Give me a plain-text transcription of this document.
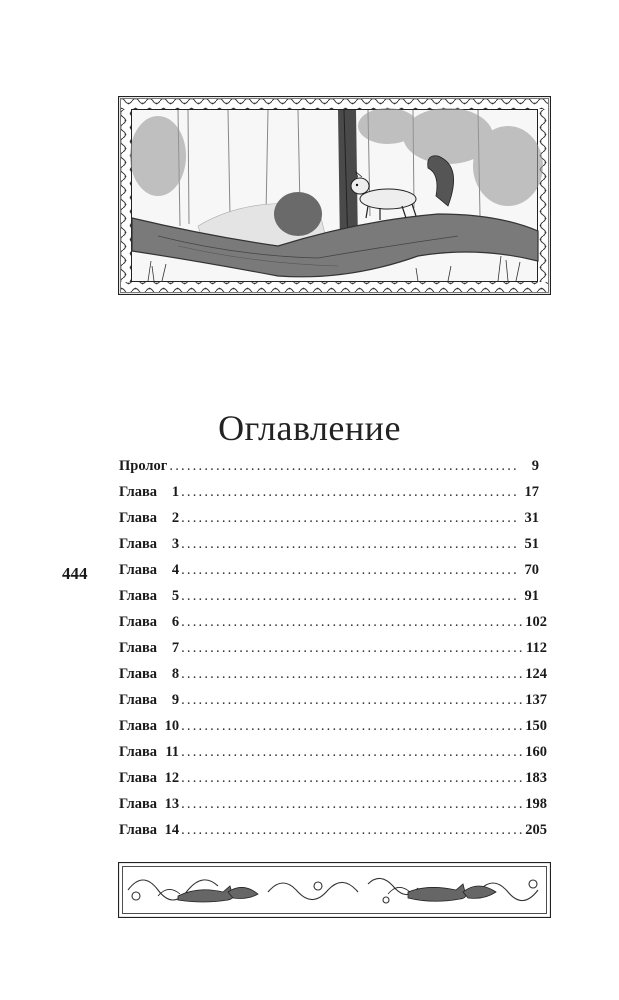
Оглавление
444
Пролог .....	9
Глава	1 .....	17
Глава	2 .....	31
Глава	3 .....	51
Глава	4 .....	70
Глава	5 .....	91
Глава	6 .....	102
Глава	7 .....	112
Глава	8 .....	124
Глава	9 .....	137
Глава 10 .....	150
Глава 11 .....	160
Глава 12 .....	183
Глава 13 .....	198
Глава 14 .....	205
